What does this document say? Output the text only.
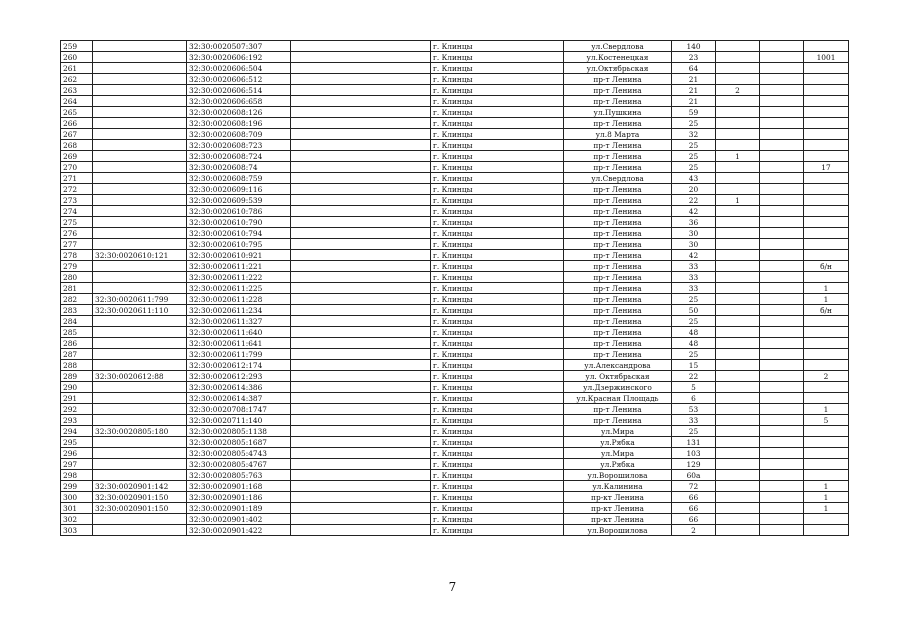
259		32:30:0020507:307		г. Клинцы	ул.Свердлова	140			
260		32:30:0020606:192		г. Клинцы	ул.Костенецкая	23			1001
261		32:30:0020606:504		г. Клинцы	ул.Октябрьская	64			
262		32:30:0020606:512		г. Клинцы	пр-т Ленина	21			
263		32:30:0020606:514		г. Клинцы	пр-т Ленина	21	2		
264		32:30:0020606:658		г. Клинцы	пр-т Ленина	21			
265		32:30:0020608:126		г. Клинцы	ул.Пушкина	59			
266		32:30:0020608:196		г. Клинцы	пр-т Ленина	25			
267		32:30:0020608:709		г. Клинцы	ул.8 Марта	32			
268		32:30:0020608:723		г. Клинцы	пр-т Ленина	25			
269		32:30:0020608:724		г. Клинцы	пр-т Ленина	25	1		
270		32:30:0020608:74		г. Клинцы	пр-т Ленина	25			17
271		32:30:0020608:759		г. Клинцы	ул.Свердлова	43			
272		32:30:0020609:116		г. Клинцы	пр-т Ленина	20			
273		32:30:0020609:539		г. Клинцы	пр-т Ленина	22	1		
274		32:30:0020610:786		г. Клинцы	пр-т Ленина	42			
275		32:30:0020610:790		г. Клинцы	пр-т Ленина	36			
276		32:30:0020610:794		г. Клинцы	пр-т Ленина	30			
277		32:30:0020610:795		г. Клинцы	пр-т Ленина	30			
278	32:30:0020610:121	32:30:0020610:921		г. Клинцы	пр-т Ленина	42			
279		32:30:0020611:221		г. Клинцы	пр-т Ленина	33			б/н
280		32:30:0020611:222		г. Клинцы	пр-т Ленина	33			
281		32:30:0020611:225		г. Клинцы	пр-т Ленина	33			1
282	32:30:0020611:799	32:30:0020611:228		г. Клинцы	пр-т Ленина	25			1
283	32:30:0020611:110	32:30:0020611:234		г. Клинцы	пр-т Ленина	50			б/н
284		32:30:0020611:327		г. Клинцы	пр-т Ленина	25			
285		32:30:0020611:640		г. Клинцы	пр-т Ленина	48			
286		32:30:0020611:641		г. Клинцы	пр-т Ленина	48			
287		32:30:0020611:799		г. Клинцы	пр-т Ленина	25			
288		32:30:0020612:174		г. Клинцы	ул.Александрова	15			
289	32:30:0020612:88	32:30:0020612:293		г. Клинцы	ул. Октябрьская	22			2
290		32:30:0020614:386		г. Клинцы	ул.Дзержинского	5			
291		32:30:0020614:387		г. Клинцы	ул.Красная Площадь	6			
292		32:30:0020708:1747		г. Клинцы	пр-т Ленина	53			1
293		32:30:0020711:140		г. Клинцы	пр-т Ленина	33			5
294	32:30:0020805:180	32:30:0020805:1138		г. Клинцы	ул.Мира	25			
295		32:30:0020805:1687		г. Клинцы	ул.Рябка	131			
296		32:30:0020805:4743		г. Клинцы	ул.Мира	103			
297		32:30:0020805:4767		г. Клинцы	ул.Рябка	129			
298		32:30:0020805:763		г. Клинцы	ул.Ворошилова	60а			
299	32:30:0020901:142	32:30:0020901:168		г. Клинцы	ул.Калинина	72			1
300	32:30:0020901:150	32:30:0020901:186		г. Клинцы	пр-кт Ленина	66			1
301	32:30:0020901:150	32:30:0020901:189		г. Клинцы	пр-кт Ленина	66			1
302		32:30:0020901:402		г. Клинцы	пр-кт Ленина	66			
303		32:30:0020901:422		г. Клинцы	ул.Ворошилова	2			
7
